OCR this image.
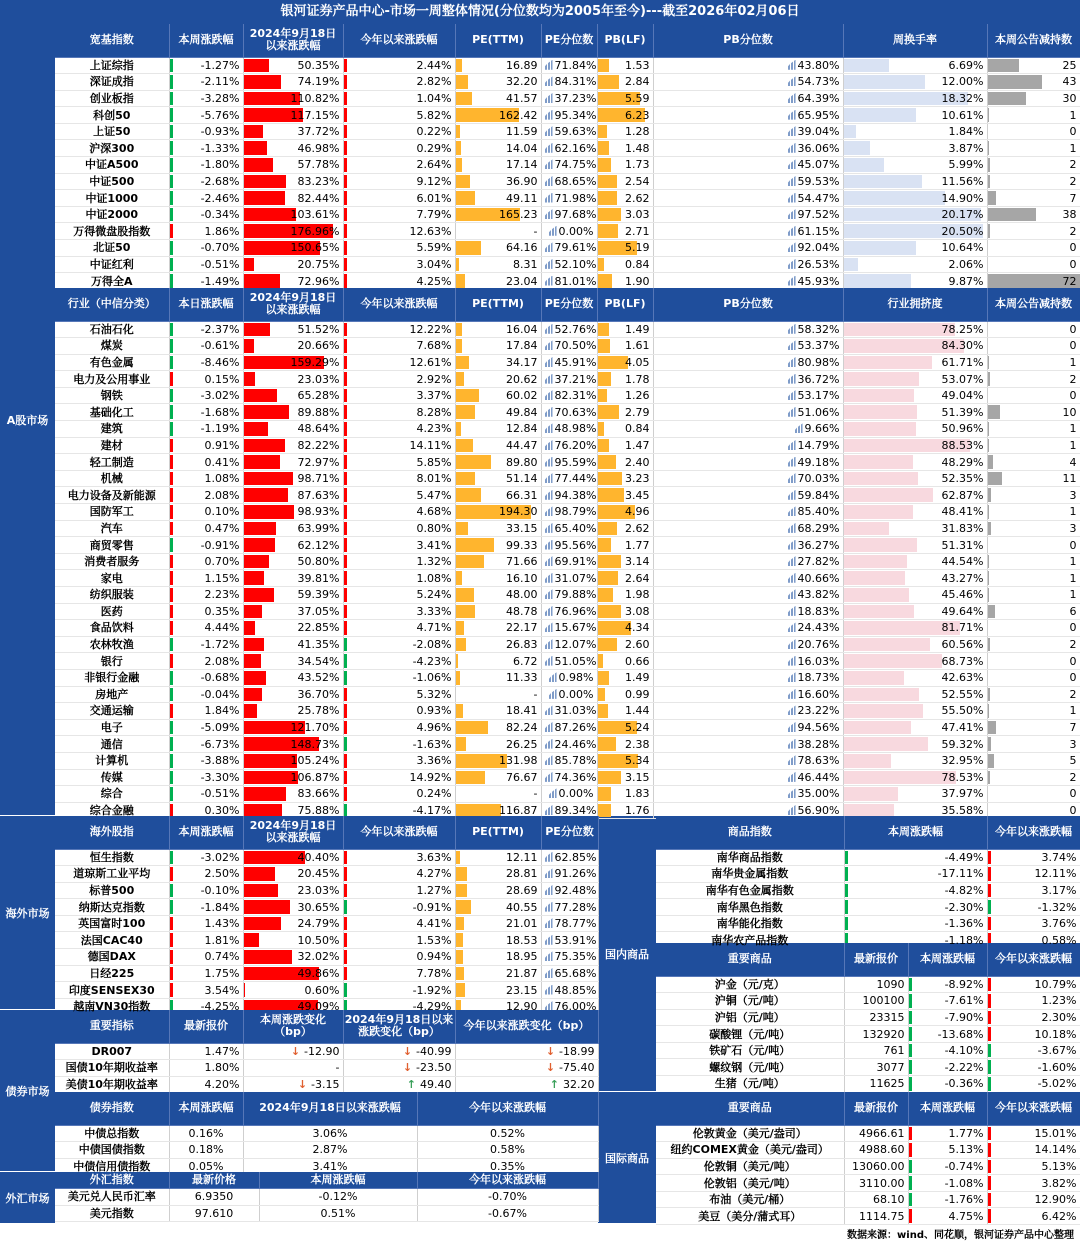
银河证券产品中心-市场一周整体情况(分位数均为2005年至今)---截至2026年02月06日
A股市场
海外市场
债券市场
外汇市场
国内商品
国际商品
宽基指数	本周涨跌幅	2024年9月18日以来涨跌幅	今年以来涨跌幅	PE(TTM)	PE分位数	PB(LF)	PB分位数	周换手率	本周公告减持数
上证综指	-1.27%	50.35%	2.44%	16.89	71.84%	1.53	43.80%	6.69%	25
深证成指	-2.11%	74.19%	2.82%	32.20	84.31%	2.84	54.73%	12.00%	43
创业板指	-3.28%	110.82%	1.04%	41.57	37.23%	5.59	64.39%	18.32%	30
科创50	-5.76%	117.15%	5.82%	162.42	95.34%	6.23	65.95%	10.61%	1
上证50	-0.93%	37.72%	0.22%	11.59	59.63%	1.28	39.04%	1.84%	0
沪深300	-1.33%	46.98%	0.29%	14.04	62.16%	1.48	36.06%	3.87%	1
中证A500	-1.80%	57.78%	2.64%	17.14	74.75%	1.73	45.07%	5.99%	2
中证500	-2.68%	83.23%	9.12%	36.90	68.65%	2.54	59.53%	11.56%	2
中证1000	-2.46%	82.44%	6.01%	49.11	71.98%	2.62	54.47%	14.90%	7
中证2000	-0.34%	103.61%	7.79%	165.23	97.68%	3.03	97.52%	20.17%	38
万得微盘股指数	1.86%	176.96%	12.63%	-	0.00%	2.71	61.15%	20.50%	2
北证50	-0.70%	150.65%	5.59%	64.16	79.61%	5.19	92.04%	10.64%	0
中证红利	-0.51%	20.75%	3.04%	8.31	52.10%	0.84	26.53%	2.06%	0
万得全A	-1.49%	72.96%	4.25%	23.04	81.01%	1.90	45.93%	9.87%	72
行业（中信分类）	本日涨跌幅	2024年9月18日以来涨跌幅	今年以来涨跌幅	PE(TTM)	PE分位数	PB(LF)	PB分位数	行业拥挤度	本周公告减持数
石油石化	-2.37%	51.52%	12.22%	16.04	52.76%	1.49	58.32%	78.25%	0
煤炭	-0.61%	20.66%	7.68%	17.84	70.50%	1.61	53.37%	84.30%	0
有色金属	-8.46%	159.29%	12.61%	34.17	45.91%	4.05	80.98%	61.71%	1
电力及公用事业	0.15%	23.03%	2.92%	20.62	37.21%	1.78	36.72%	53.07%	2
钢铁	-3.02%	65.28%	3.37%	60.02	82.31%	1.26	53.17%	49.04%	0
基础化工	-1.68%	89.88%	8.28%	49.84	70.63%	2.79	51.06%	51.39%	10
建筑	-1.19%	48.64%	4.23%	12.84	48.98%	0.84	9.66%	50.96%	1
建材	0.91%	82.22%	14.11%	44.47	76.20%	1.47	14.79%	88.53%	1
轻工制造	0.41%	72.97%	5.85%	89.80	95.59%	2.40	49.18%	48.29%	4
机械	1.08%	98.71%	8.01%	51.14	77.44%	3.23	70.03%	52.35%	11
电力设备及新能源	2.08%	87.63%	5.47%	66.31	94.38%	3.45	59.84%	62.87%	3
国防军工	0.10%	98.93%	4.68%	194.30	98.79%	4.96	85.40%	48.41%	1
汽车	0.47%	63.99%	0.80%	33.15	65.40%	2.62	68.29%	31.83%	3
商贸零售	-0.91%	62.12%	3.41%	99.33	95.56%	1.77	36.27%	51.31%	0
消费者服务	0.70%	50.80%	1.32%	71.66	69.91%	3.14	27.82%	44.54%	1
家电	1.15%	39.81%	1.08%	16.10	31.07%	2.64	40.66%	43.27%	1
纺织服装	2.23%	59.39%	5.24%	48.00	79.88%	1.98	43.82%	45.46%	1
医药	0.35%	37.05%	3.33%	48.78	76.96%	3.08	18.83%	49.64%	6
食品饮料	4.44%	22.85%	4.71%	22.17	15.67%	4.34	24.43%	81.71%	0
农林牧渔	-1.72%	41.35%	-2.08%	26.83	12.07%	2.60	20.76%	60.56%	2
银行	2.08%	34.54%	-4.23%	6.72	51.05%	0.66	16.03%	68.73%	0
非银行金融	-0.68%	43.52%	-1.06%	11.33	0.98%	1.49	18.73%	42.63%	0
房地产	-0.04%	36.70%	5.32%	-	0.00%	0.99	16.60%	52.55%	2
交通运输	1.84%	25.78%	0.93%	18.41	31.03%	1.44	23.22%	55.50%	1
电子	-5.09%	121.70%	4.96%	82.24	87.26%	5.24	94.56%	47.41%	7
通信	-6.73%	148.73%	-1.63%	26.25	24.46%	2.38	38.28%	59.32%	3
计算机	-3.88%	105.24%	3.36%	131.98	85.78%	5.34	78.63%	32.95%	5
传媒	-3.30%	106.87%	14.92%	76.67	74.36%	3.15	46.44%	78.53%	2
综合	-0.51%	83.66%	0.24%	-	0.00%	1.83	35.00%	37.97%	0
综合金融	0.30%	75.88%	-4.17%	116.87	89.34%	1.76	56.90%	35.58%	0
海外股指	本周涨跌幅	2024年9月18日以来涨跌幅	今年以来涨跌幅	PE(TTM)	PE分位数
恒生指数	-3.02%	40.40%	3.63%	12.11	62.85%
道琼斯工业平均	2.50%	20.45%	4.27%	28.81	91.26%
标普500	-0.10%	23.03%	1.27%	28.69	92.48%
纳斯达克指数	-1.84%	30.65%	-0.91%	40.55	77.28%
英国富时100	1.43%	24.79%	4.41%	21.01	78.77%
法国CAC40	1.81%	10.50%	1.53%	18.53	53.91%
德国DAX	0.74%	32.02%	0.94%	18.95	75.35%
日经225	1.75%	49.86%	7.78%	21.87	65.68%
印度SENSEX30	3.54%	0.60%	-1.92%	23.15	48.85%
越南VN30指数	-4.25%	49.09%	-4.29%	12.90	76.00%
重要指标	最新报价	本周涨跌变化（bp）	2024年9月18日以来涨跌变化（bp）	今年以来涨跌变化（bp）
DR007	1.47%	↓ -12.90	↓ -40.99	↓ -18.99
国债10年期收益率	1.80%	-	↓ -23.50	↓ -75.40
美债10年期收益率	4.20%	↓ -3.15	↑ 49.40	↑ 32.20
债券指数	本周涨跌幅	2024年9月18日以来涨跌幅	今年以来涨跌幅
中债总指数	0.16%	3.06%	0.52%
中债国债指数	0.18%	2.87%	0.58%
中债信用债指数	0.05%	3.41%	0.35%
外汇指数	最新价格	本周涨跌幅	今年以来涨跌幅
美元兑人民币汇率	6.9350	-0.12%	-0.70%
美元指数	97.610	0.51%	-0.67%
商品指数	本周涨跌幅	今年以来涨跌幅
南华商品指数	-4.49%	3.74%
南华贵金属指数	-17.11%	12.11%
南华有色金属指数	-4.82%	3.17%
南华黑色指数	-2.30%	-1.32%
南华能化指数	-1.36%	3.76%
南华农产品指数	-1.18%	0.58%
重要商品	最新报价	本周涨跌幅	今年以来涨跌幅
沪金（元/克）	1090	-8.92%	10.79%
沪铜（元/吨）	100100	-7.61%	1.23%
沪铝（元/吨）	23315	-7.90%	2.30%
碳酸锂（元/吨）	132920	-13.68%	10.18%
铁矿石（元/吨）	761	-4.10%	-3.67%
螺纹钢（元/吨）	3077	-2.22%	-1.60%
生猪（元/吨）	11625	-0.36%	-5.02%
重要商品	最新报价	本周涨跌幅	今年以来涨跌幅
伦敦黄金（美元/盎司）	4966.61	1.77%	15.01%
纽约COMEX黄金（美元/盎司）	4988.60	5.13%	14.14%
伦敦铜（美元/吨）	13060.00	-0.74%	5.13%
伦敦铝（美元/吨）	3110.00	-1.08%	3.82%
布油（美元/桶）	68.10	-1.76%	12.90%
美豆（美分/蒲式耳）	1114.75	4.75%	6.42%
数据来源：wind、同花顺，银河证券产品中心整理
